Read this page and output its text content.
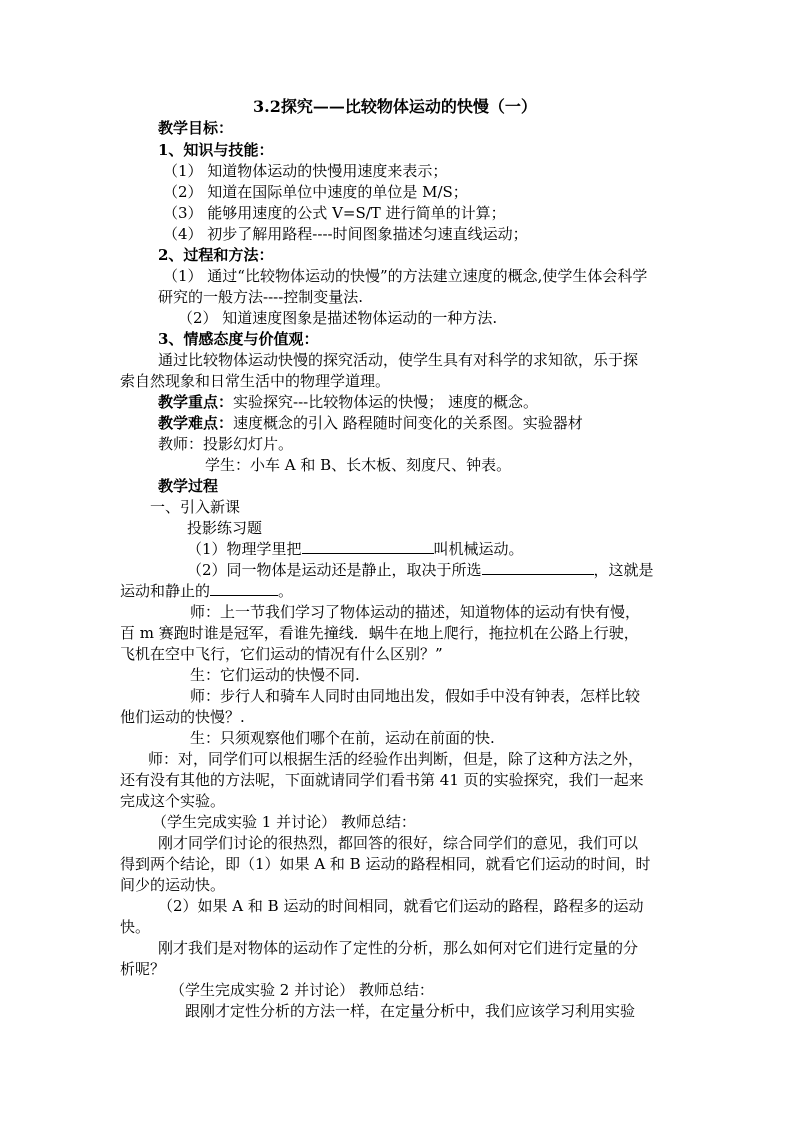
3.2探究——比较物体运动的快慢（一）
教学目标：
1、知识与技能：
（1） 知道物体运动的快慢用速度来表示；
（2） 知道在国际单位中速度的单位是 M/S；
（3） 能够用速度的公式 V=S/T 进行简单的计算；
（4） 初步了解用路程----时间图象描述匀速直线运动；
2、过程和方法：
（1） 通过“比较物体运动的快慢”的方法建立速度的概念,使学生体会科学
研究的一般方法----控制变量法.
（2） 知道速度图象是描述物体运动的一种方法.
3、情感态度与价值观：
通过比较物体运动快慢的探究活动，使学生具有对科学的求知欲，乐于探
索自然现象和日常生活中的物理学道理。
教学重点：实验探究---比较物体运的快慢； 速度的概念。
教学难点：速度概念的引入 路程随时间变化的关系图。实验器材
教师：投影幻灯片。
学生：小车 A 和 B、长木板、刻度尺、钟表。
教学过程
一、引入新课
投影练习题
（1）物理学里把	叫机械运动。
（2）同一物体是运动还是静止，取决于所选	，这就是
运动和静止的	。
师：上一节我们学习了物体运动的描述，知道物体的运动有快有慢，
百 m 赛跑时谁是冠军，看谁先撞线．蜗牛在地上爬行，拖拉机在公路上行驶，
飞机在空中飞行，它们运动的情况有什么区别？”
生：它们运动的快慢不同.
师：步行人和骑车人同时由同地出发，假如手中没有钟表，怎样比较
他们运动的快慢？.
生：只须观察他们哪个在前，运动在前面的快.
师：对，同学们可以根据生活的经验作出判断，但是，除了这种方法之外，
还有没有其他的方法呢，下面就请同学们看书第 41 页的实验探究，我们一起来
完成这个实验。
（学生完成实验 1 并讨论） 教师总结：
刚才同学们讨论的很热烈，都回答的很好，综合同学们的意见，我们可以
得到两个结论，即（1）如果 A 和 B 运动的路程相同，就看它们运动的时间，时
间少的运动快。
（2）如果 A 和 B 运动的时间相同，就看它们运动的路程，路程多的运动
快。
刚才我们是对物体的运动作了定性的分析，那么如何对它们进行定量的分
析呢？
（学生完成实验 2 并讨论） 教师总结：
跟刚才定性分析的方法一样，在定量分析中，我们应该学习利用实验
